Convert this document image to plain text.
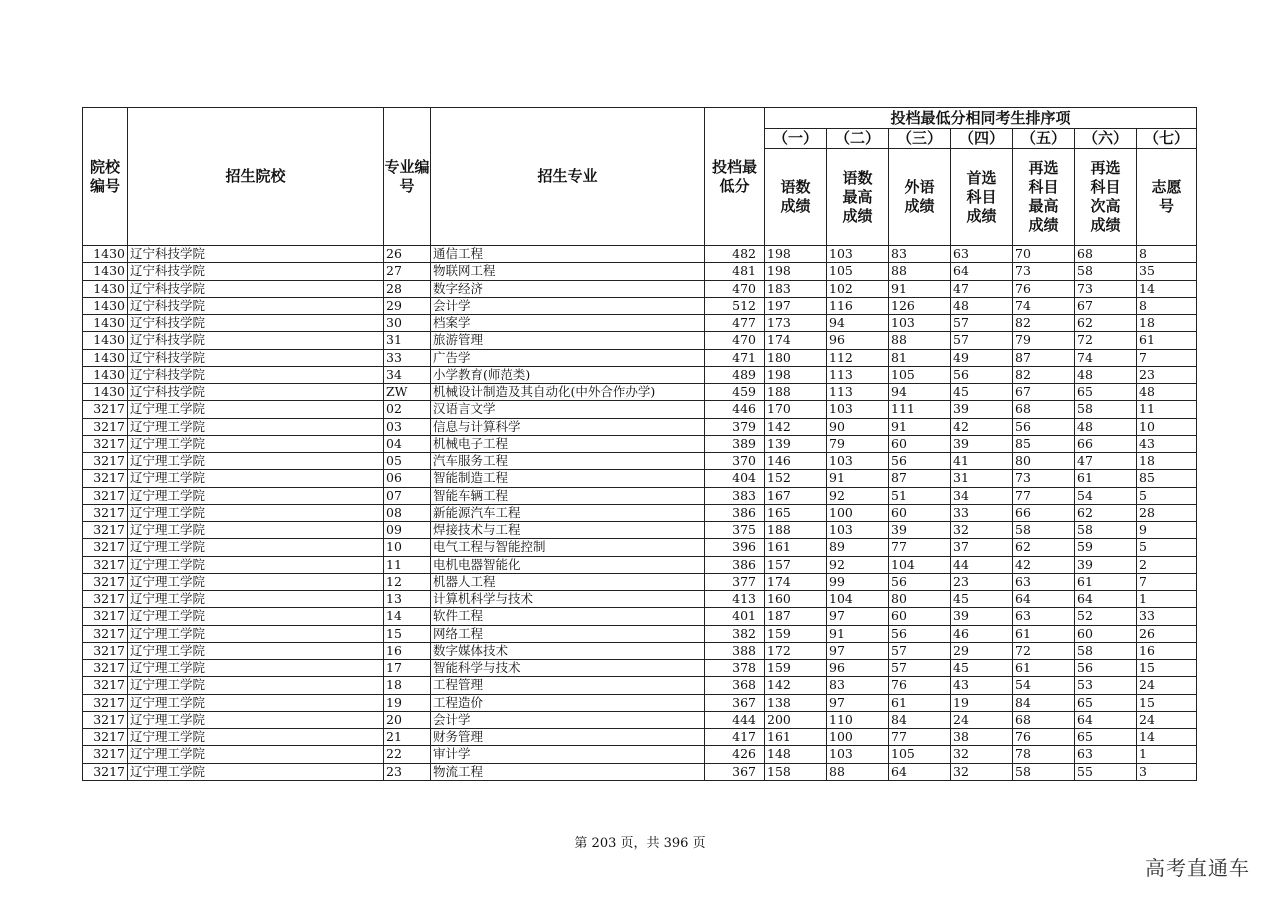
院校编号	招生院校	专业编号	招生专业	投档最低分	投档最低分相同考生排序项						
					（一）	（二）	（三）	（四）	（五）	（六）	（七）
					语数成绩	语数最高成绩	外语成绩	首选科目成绩	再选科目最高成绩	再选科目次高成绩	志愿号
1430	辽宁科技学院	26	通信工程	482	198	103	83	63	70	68	8
1430	辽宁科技学院	27	物联网工程	481	198	105	88	64	73	58	35
1430	辽宁科技学院	28	数字经济	470	183	102	91	47	76	73	14
1430	辽宁科技学院	29	会计学	512	197	116	126	48	74	67	8
1430	辽宁科技学院	30	档案学	477	173	94	103	57	82	62	18
1430	辽宁科技学院	31	旅游管理	470	174	96	88	57	79	72	61
1430	辽宁科技学院	33	广告学	471	180	112	81	49	87	74	7
1430	辽宁科技学院	34	小学教育(师范类)	489	198	113	105	56	82	48	23
1430	辽宁科技学院	ZW	机械设计制造及其自动化(中外合作办学)	459	188	113	94	45	67	65	48
3217	辽宁理工学院	02	汉语言文学	446	170	103	111	39	68	58	11
3217	辽宁理工学院	03	信息与计算科学	379	142	90	91	42	56	48	10
3217	辽宁理工学院	04	机械电子工程	389	139	79	60	39	85	66	43
3217	辽宁理工学院	05	汽车服务工程	370	146	103	56	41	80	47	18
3217	辽宁理工学院	06	智能制造工程	404	152	91	87	31	73	61	85
3217	辽宁理工学院	07	智能车辆工程	383	167	92	51	34	77	54	5
3217	辽宁理工学院	08	新能源汽车工程	386	165	100	60	33	66	62	28
3217	辽宁理工学院	09	焊接技术与工程	375	188	103	39	32	58	58	9
3217	辽宁理工学院	10	电气工程与智能控制	396	161	89	77	37	62	59	5
3217	辽宁理工学院	11	电机电器智能化	386	157	92	104	44	42	39	2
3217	辽宁理工学院	12	机器人工程	377	174	99	56	23	63	61	7
3217	辽宁理工学院	13	计算机科学与技术	413	160	104	80	45	64	64	1
3217	辽宁理工学院	14	软件工程	401	187	97	60	39	63	52	33
3217	辽宁理工学院	15	网络工程	382	159	91	56	46	61	60	26
3217	辽宁理工学院	16	数字媒体技术	388	172	97	57	29	72	58	16
3217	辽宁理工学院	17	智能科学与技术	378	159	96	57	45	61	56	15
3217	辽宁理工学院	18	工程管理	368	142	83	76	43	54	53	24
3217	辽宁理工学院	19	工程造价	367	138	97	61	19	84	65	15
3217	辽宁理工学院	20	会计学	444	200	110	84	24	68	64	24
3217	辽宁理工学院	21	财务管理	417	161	100	77	38	76	65	14
3217	辽宁理工学院	22	审计学	426	148	103	105	32	78	63	1
3217	辽宁理工学院	23	物流工程	367	158	88	64	32	58	55	3
第 203 页，共 396 页
高考直通车
